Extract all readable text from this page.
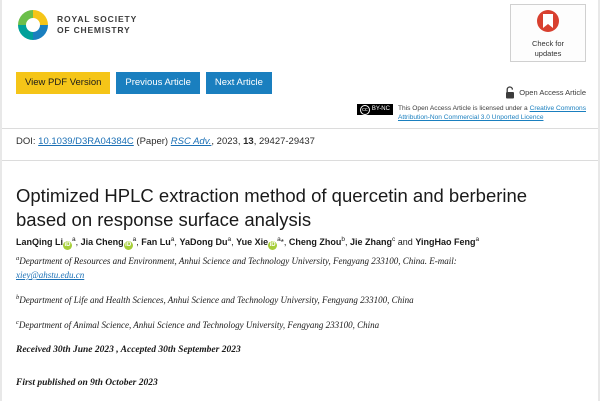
ROYAL SOCIETY
OF CHEMISTRY
Check for
updates
View PDF Version	Previous Article	Next Article
Open Access Article
cc BY-NC This Open Access Article is licensed under a Creative Commons
Attribution-Non Commercial 3.0 Unported Licence
DOI: 10.1039/D3RA04384C (Paper) RSC Adv., 2023, 13, 29427-29437
Optimized HPLC extraction method of quercetin and berberine based on response surface analysis
LanQing Li $iD^a$, Jia Cheng $iD^a$, Fan Lu$^a$, YaDong Du$^a$, Yue Xie $iD^a*$, Cheng Zhou$^b$, Jie Zhang$^c$ and YingHao Feng$^a$
$^a$Department of Resources and Environment, Anhui Science and Technology University, Fengyang 233100, China. E-mail:
xiey@ahstu.edu.cn
$^b$Department of Life and Health Sciences, Anhui Science and Technology University, Fengyang 233100, China
$^c$Department of Animal Science, Anhui Science and Technology University, Fengyang 233100, China
Received 30th June 2023 , Accepted 30th September 2023
First published on 9th October 2023
